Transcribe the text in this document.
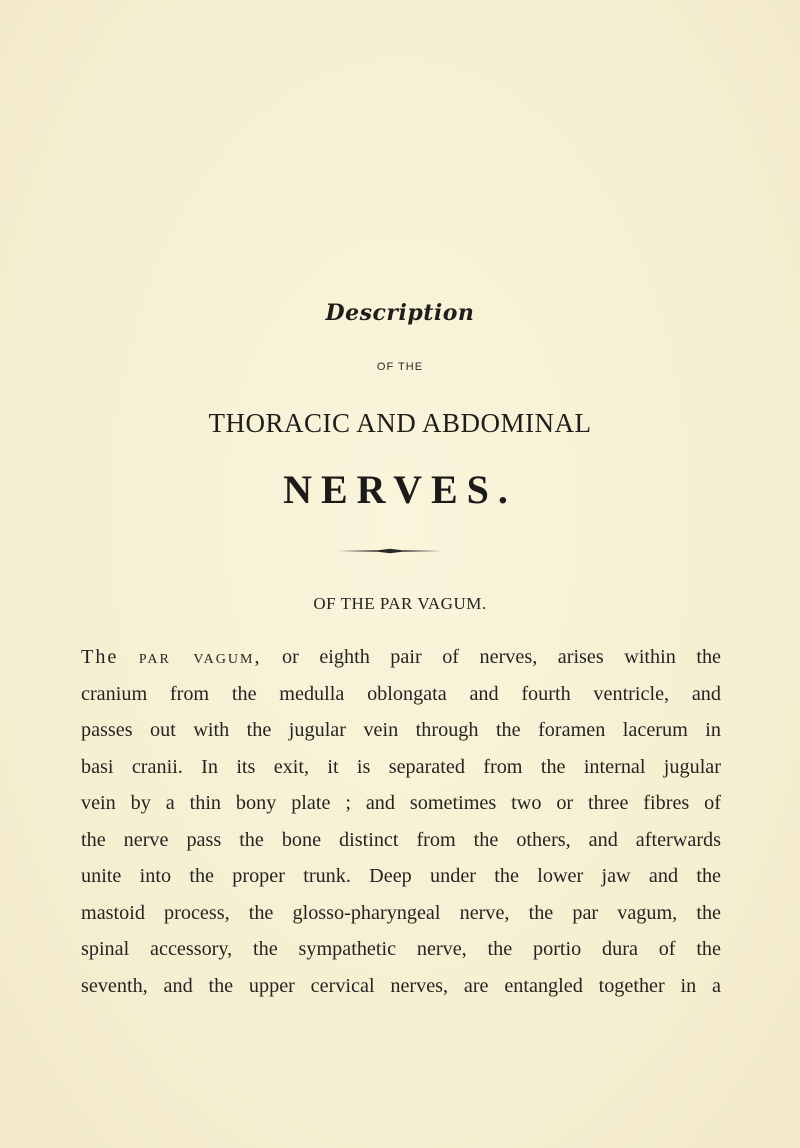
Description
OF THE
THORACIC AND ABDOMINAL
NERVES.
OF THE PAR VAGUM.
The par vagum, or eighth pair of nerves, arises within the
cranium from the medulla oblongata and fourth ventricle, and
passes out with the jugular vein through the foramen lacerum in
basi cranii. In its exit, it is separated from the internal jugular
vein by a thin bony plate ; and sometimes two or three fibres of
the nerve pass the bone distinct from the others, and afterwards
unite into the proper trunk. Deep under the lower jaw and the
mastoid process, the glosso-pharyngeal nerve, the par vagum, the
spinal accessory, the sympathetic nerve, the portio dura of the
seventh, and the upper cervical nerves, are entangled together in a
